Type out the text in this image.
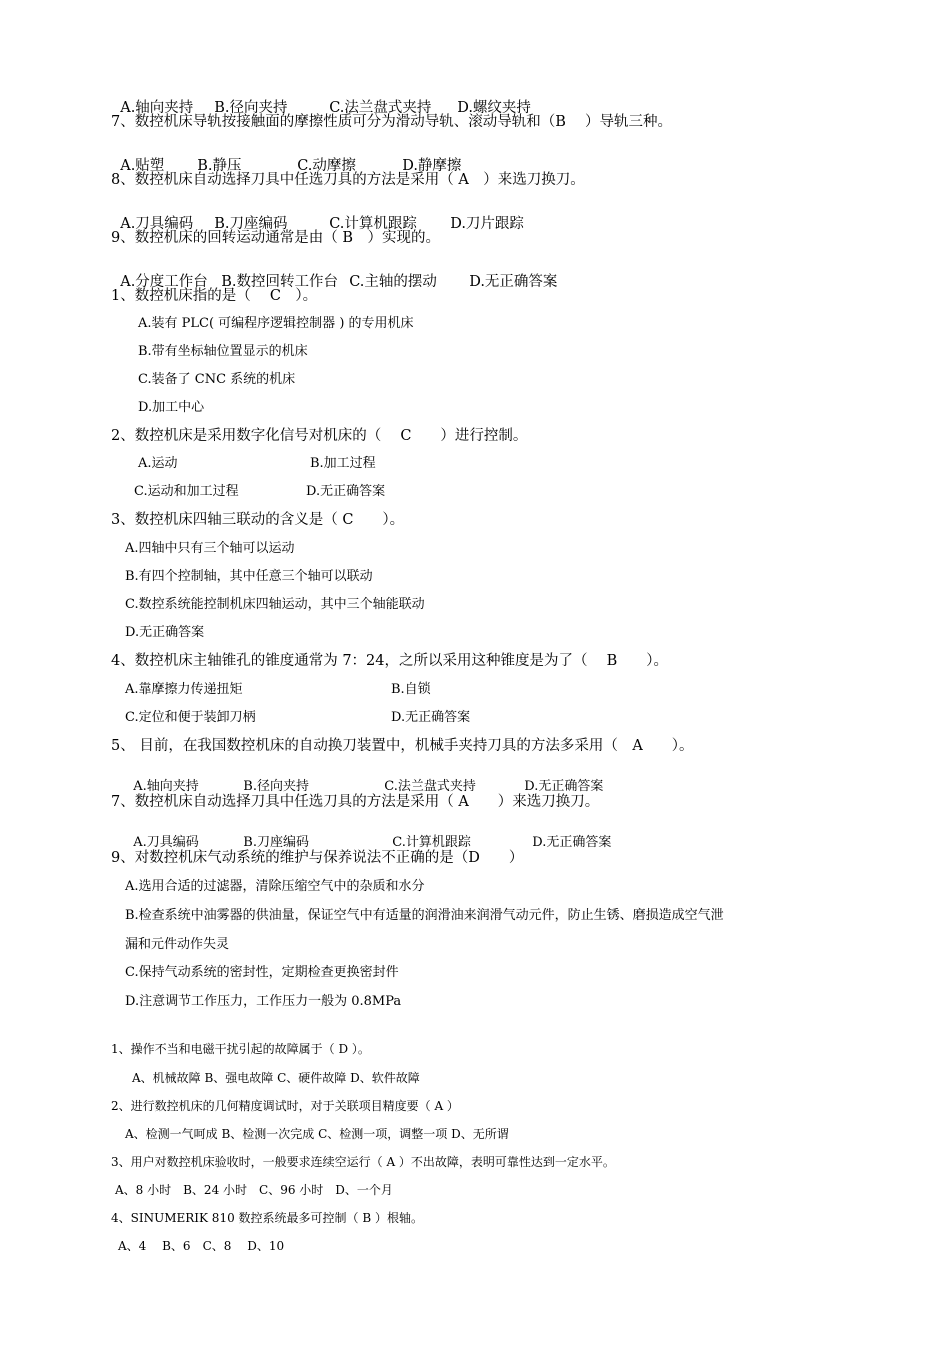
A.轴向夹持 B.径向夹持	C.法兰盘式夹持 D.螺纹夹持

7、数控机床导轨按接触面的摩擦性质可分为滑动导轨、滚动导轨和（B　 ）导轨三种。

A.贴塑 B.静压	C.动摩擦	D.静摩擦

8、数控机床自动选择刀具中任选刀具的方法是采用（ A　）来选刀换刀。

A.刀具编码 B.刀座编码	C.计算机跟踪 D.刀片跟踪

9、数控机床的回转运动通常是由（ B　）实现的。

A.分度工作台 B.数控回转工作台 C.主轴的摆动 D.无正确答案

1、数控机床指的是（　 C　）。
A.装有 PLC( 可编程序逻辑控制器 ) 的专用机床
B.带有坐标轴位置显示的机床
C.装备了 CNC 系统的机床
D.加工中心
2、数控机床是采用数字化信号对机床的（　 C　　）进行控制。
A.运动	B.加工过程
C.运动和加工过程	D.无正确答案
3、数控机床四轴三联动的含义是（ C　　）。
A.四轴中只有三个轴可以运动
B.有四个控制轴，其中任意三个轴可以联动
C.数控系统能控制机床四轴运动，其中三个轴能联动
D.无正确答案
4、数控机床主轴锥孔的锥度通常为 7：24，之所以采用这种锥度是为了（　 B　　）。
A.靠摩擦力传递扭矩	B.自锁
C.定位和便于装卸刀柄	D.无正确答案
5、 目前，在我国数控机床的自动换刀装置中，机械手夹持刀具的方法多采用（　A　　）。

A.轴向夹持	B.径向夹持	C.法兰盘式夹持	D.无正确答案

7、数控机床自动选择刀具中任选刀具的方法是采用（ A　　）来选刀换刀。

A.刀具编码	B.刀座编码	C.计算机跟踪	D.无正确答案

9、对数控机床气动系统的维护与保养说法不正确的是（D　　）
A.选用合适的过滤器，清除压缩空气中的杂质和水分
B.检查系统中油雾器的供油量，保证空气中有适量的润滑油来润滑气动元件，防止生锈、磨损造成空气泄
漏和元件动作失灵
C.保持气动系统的密封性，定期检查更换密封件
D.注意调节工作压力，工作压力一般为 0.8MPa
1、操作不当和电磁干扰引起的故障属于（ D ）。
A、机械故障 B、强电故障 C、硬件故障 D、软件故障
2、进行数控机床的几何精度调试时，对于关联项目精度要（ A ）
A、检测一气呵成 B、检测一次完成 C、检测一项，调整一项 D、无所谓
3、用户对数控机床验收时，一般要求连续空运行（ A ）不出故障，表明可靠性达到一定水平。
A、8 小时　B、24 小时　C、96 小时　D、一个月
4、SINUMERIK 810 数控系统最多可控制（ B ）根轴。
A、4　 B、6　C、8　 D、10
